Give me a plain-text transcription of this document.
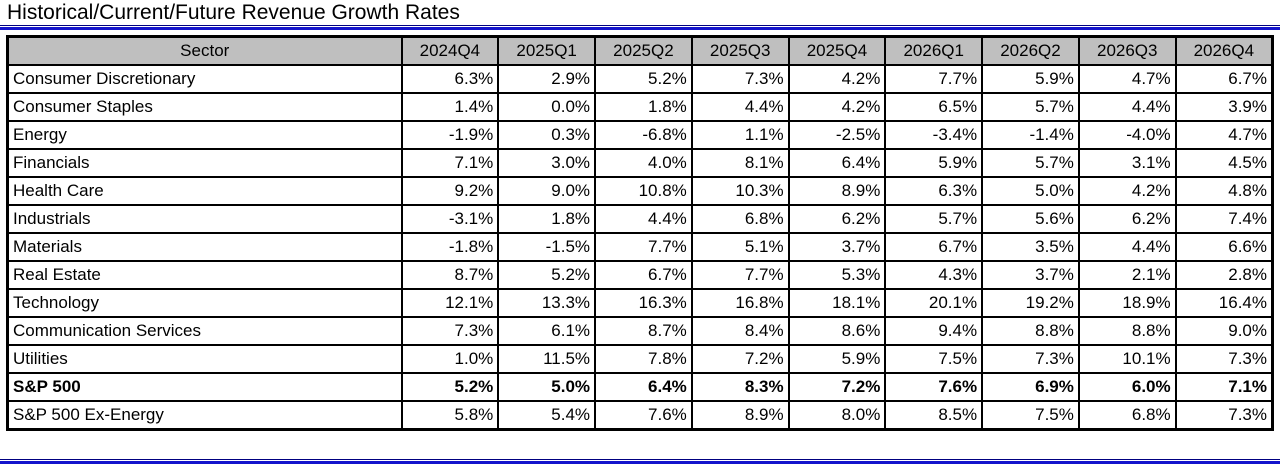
Historical/Current/Future Revenue Growth Rates
Sector	2024Q4	2025Q1	2025Q2	2025Q3	2025Q4	2026Q1	2026Q2	2026Q3	2026Q4
Consumer Discretionary	6.3%	2.9%	5.2%	7.3%	4.2%	7.7%	5.9%	4.7%	6.7%
Consumer Staples	1.4%	0.0%	1.8%	4.4%	4.2%	6.5%	5.7%	4.4%	3.9%
Energy	-1.9%	0.3%	-6.8%	1.1%	-2.5%	-3.4%	-1.4%	-4.0%	4.7%
Financials	7.1%	3.0%	4.0%	8.1%	6.4%	5.9%	5.7%	3.1%	4.5%
Health Care	9.2%	9.0%	10.8%	10.3%	8.9%	6.3%	5.0%	4.2%	4.8%
Industrials	-3.1%	1.8%	4.4%	6.8%	6.2%	5.7%	5.6%	6.2%	7.4%
Materials	-1.8%	-1.5%	7.7%	5.1%	3.7%	6.7%	3.5%	4.4%	6.6%
Real Estate	8.7%	5.2%	6.7%	7.7%	5.3%	4.3%	3.7%	2.1%	2.8%
Technology	12.1%	13.3%	16.3%	16.8%	18.1%	20.1%	19.2%	18.9%	16.4%
Communication Services	7.3%	6.1%	8.7%	8.4%	8.6%	9.4%	8.8%	8.8%	9.0%
Utilities	1.0%	11.5%	7.8%	7.2%	5.9%	7.5%	7.3%	10.1%	7.3%
S&P 500	5.2%	5.0%	6.4%	8.3%	7.2%	7.6%	6.9%	6.0%	7.1%
S&P 500 Ex-Energy	5.8%	5.4%	7.6%	8.9%	8.0%	8.5%	7.5%	6.8%	7.3%
